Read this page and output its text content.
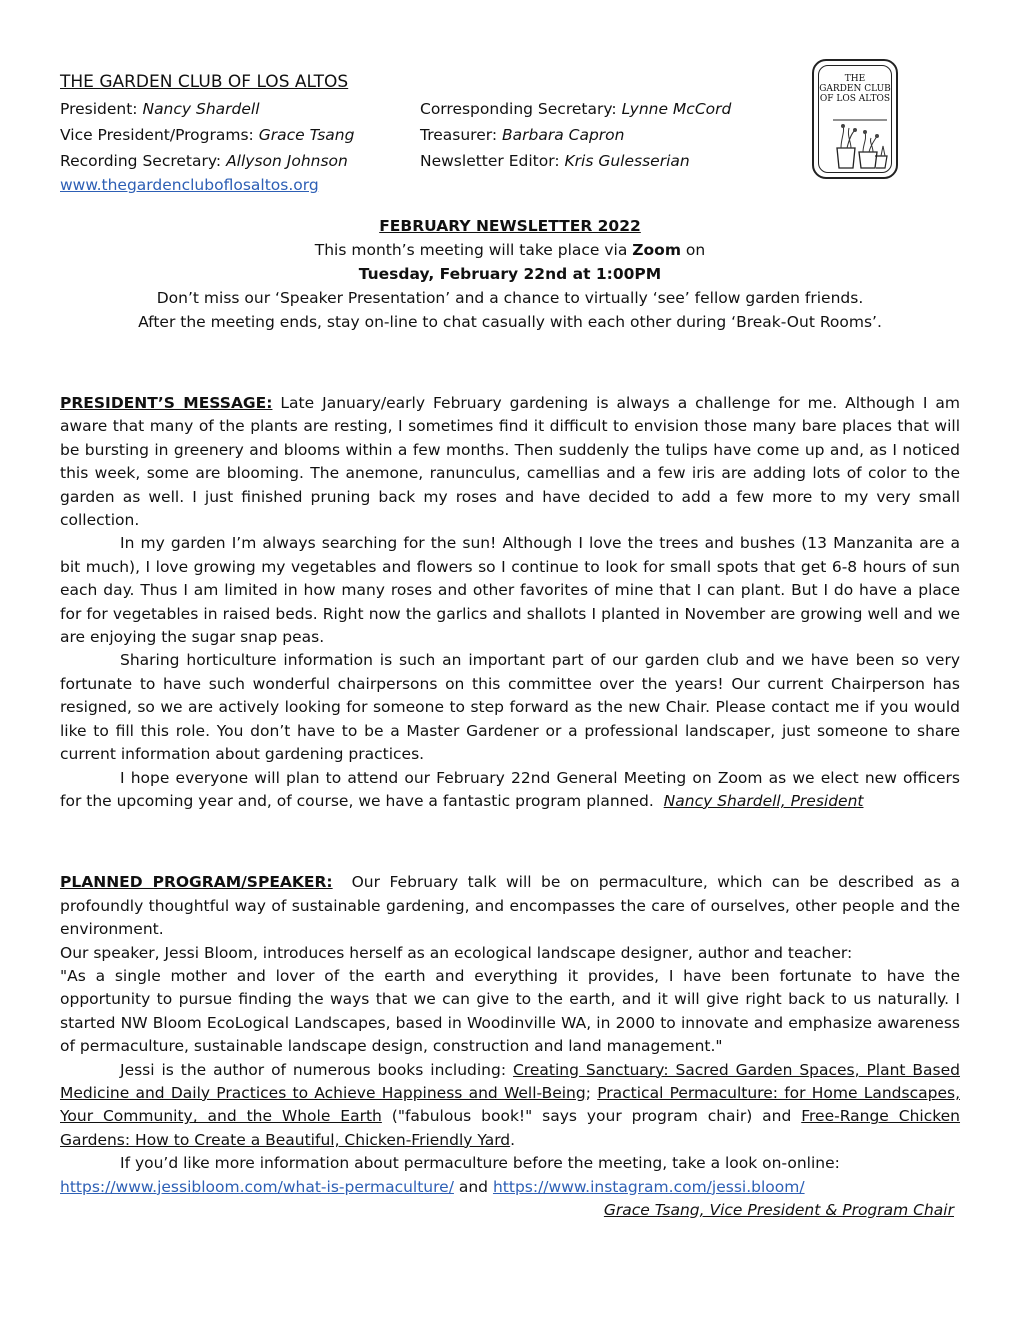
THE
GARDEN CLUB
OF LOS ALTOS
THE GARDEN CLUB OF LOS ALTOS
President: Nancy Shardell	Corresponding Secretary: Lynne McCord
Vice President/Programs: Grace Tsang	Treasurer: Barbara Capron
Recording Secretary: Allyson Johnson	Newsletter Editor: Kris Gulesserian
www.thegardencluboflosaltos.org
FEBRUARY NEWSLETTER 2022
This month’s meeting will take place via Zoom on
Tuesday, February 22nd at 1:00PM
Don’t miss our ‘Speaker Presentation’ and a chance to virtually ‘see’ fellow garden friends.
After the meeting ends, stay on-line to chat casually with each other during ‘Break-Out Rooms’.

PRESIDENT’S MESSAGE: Late January/early February gardening is always a challenge for me. Although I am aware that many of the plants are resting, I sometimes find it difficult to envision those many bare places that will be bursting in greenery and blooms within a few months. Then suddenly the tulips have come up and, as I noticed this week, some are blooming. The anemone, ranunculus, camellias and a few iris are adding lots of color to the garden as well. I just finished pruning back my roses and have decided to add a few more to my very small collection.

In my garden I’m always searching for the sun! Although I love the trees and bushes (13 Manzanita are a bit much), I love growing my vegetables and flowers so I continue to look for small spots that get 6-8 hours of sun each day. Thus I am limited in how many roses and other favorites of mine that I can plant. But I do have a place for for vegetables in raised beds. Right now the garlics and shallots I planted in November are growing well and we are enjoying the sugar snap peas.

Sharing horticulture information is such an important part of our garden club and we have been so very fortunate to have such wonderful chairpersons on this committee over the years! Our current Chairperson has resigned, so we are actively looking for someone to step forward as the new Chair. Please contact me if you would like to fill this role. You don’t have to be a Master Gardener or a professional landscaper, just someone to share current information about gardening practices.

I hope everyone will plan to attend our February 22nd General Meeting on Zoom as we elect new officers for the upcoming year and, of course, we have a fantastic program planned. Nancy Shardell, President

PLANNED PROGRAM/SPEAKER: Our February talk will be on permaculture, which can be described as a profoundly thoughtful way of sustainable gardening, and encompasses the care of ourselves, other people and the environment.

Our speaker, Jessi Bloom, introduces herself as an ecological landscape designer, author and teacher:

"As a single mother and lover of the earth and everything it provides, I have been fortunate to have the opportunity to pursue finding the ways that we can give to the earth, and it will give right back to us naturally. I started NW Bloom EcoLogical Landscapes, based in Woodinville WA, in 2000 to innovate and emphasize awareness of permaculture, sustainable landscape design, construction and land management."

Jessi is the author of numerous books including: Creating Sanctuary: Sacred Garden Spaces, Plant Based Medicine and Daily Practices to Achieve Happiness and Well-Being; Practical Permaculture: for Home Landscapes, Your Community, and the Whole Earth ("fabulous book!" says your program chair) and Free-Range Chicken Gardens: How to Create a Beautiful, Chicken-Friendly Yard.

If you’d like more information about permaculture before the meeting, take a look on-online:

https://www.jessibloom.com/what-is-permaculture/ and https://www.instagram.com/jessi.bloom/

Grace Tsang, Vice President & Program Chair
